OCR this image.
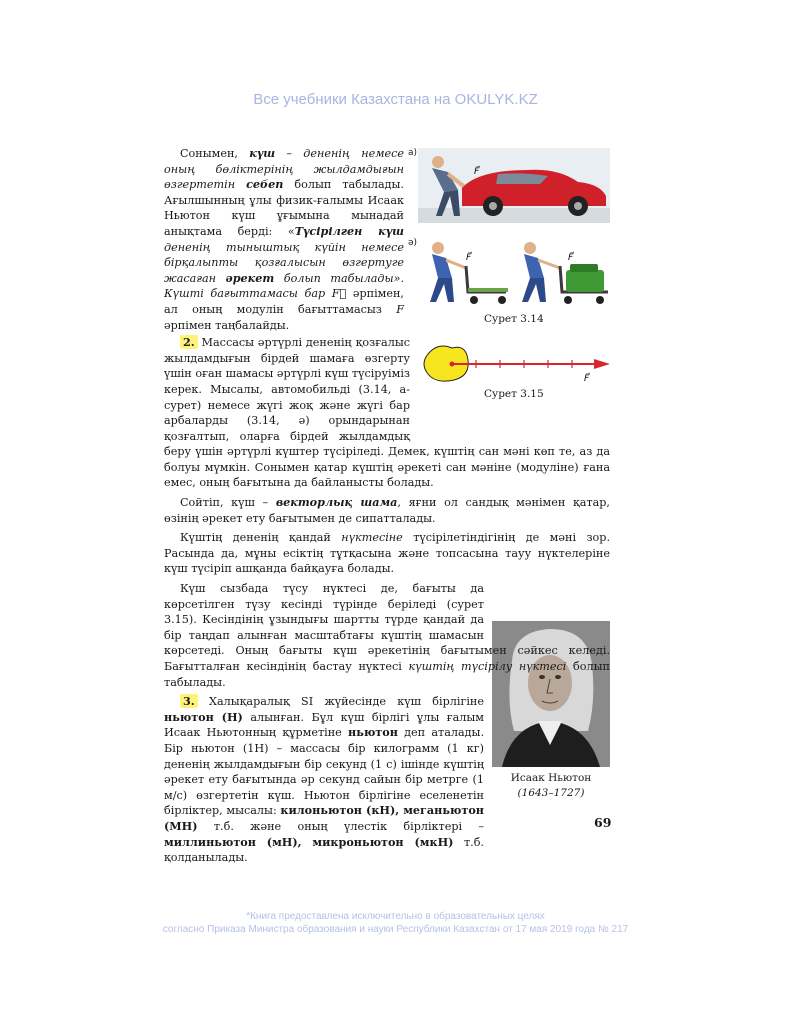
Все учебники Казахстана на OKULYK.KZ
а)
F⃗
ә)
F⃗	F⃗
Сурет 3.14
F⃗
Сурет 3.15
Исаак Ньютон
(1643–1727)

Сонымен, күш – дененің немесе оның бөліктерінің жылдамдығын өзгертетін себеп болып табылады. Ағылшынның ұлы физик-ғалымы Исаак Ньютон күш ұғымына мынадай анықтама берді: «Түсірілген күш дененің тыныштық күйін немесе бірқалыпты қозғалысын өзгертуге жасаған әрекет болып табылады». Күшті бағыттамасы бар F⃗ әрпімен, ал оның модулін бағыттамасыз F әрпімен таңбалайды.

2. Массасы әртүрлі дененің қозғалыс жылдамдығын бірдей шамаға өзгерту үшін оған шамасы әртүрлі күш түсіруіміз керек. Мысалы, автомобильді (3.14, а-сурет) немесе жүгі жоқ және жүгі бар арбаларды (3.14, ә) орындарынан қозғалтып, оларға бірдей жылдамдық беру үшін әртүрлі күштер түсіріледі. Демек, күштің сан мәні көп те, аз да болуы мүмкін. Сонымен қатар күштің әрекеті сан мәніне (модуліне) ғана емес, оның бағытына да байланысты болады.

Сойтіп, күш – векторлық шама, яғни ол сандық мәнімен қатар, өзінің әрекет ету бағытымен де сипатталады.

Күштің дененің қандай нүктесіне түсірілетіндігінің де мәні зор. Расында да, мұны есіктің тұтқасына және топсасына тауу нүктелеріне күш түсіріп ашқанда байқауға болады.

Күш сызбада түсу нүктесі де, бағыты да көрсетілген түзу кесінді түрінде беріледі (сурет 3.15). Кесіндінің ұзындығы шартты түрде қандай да бір таңдап алынған масштабтағы күштің шамасын көрсетеді. Оның бағыты күш әрекетінің бағытымен сәйкес келеді. Бағытталған кесіндінің бастау нүктесі күштің түсірілу нүктесі болып табылады.

3. Халықаралық SI жүйесінде күш бірлігіне ньютон (Н) алынған. Бұл күш бірлігі ұлы ғалым Исаак Ньютонның құрметіне ньютон деп аталады. Бір ньютон (1Н) – массасы бір килограмм (1 кг) дененің жылдамдығын бір секунд (1 с) ішінде күштің әрекет ету бағытында әр секунд сайын бір метрге (1 м/с) өзгертетін күш. Ньютон бірлігіне еселенетін бірліктер, мысалы: килоньютон (кН), меганьютон (МН) т.б. және оның үлестік бірліктері – миллиньютон (мН), микроньютон (мкН) т.б. қолданылады.

69
*Книга предоставлена исключительно в образовательных целях
согласно Приказа Министра образования и науки Республики Казахстан от 17 мая 2019 года № 217
